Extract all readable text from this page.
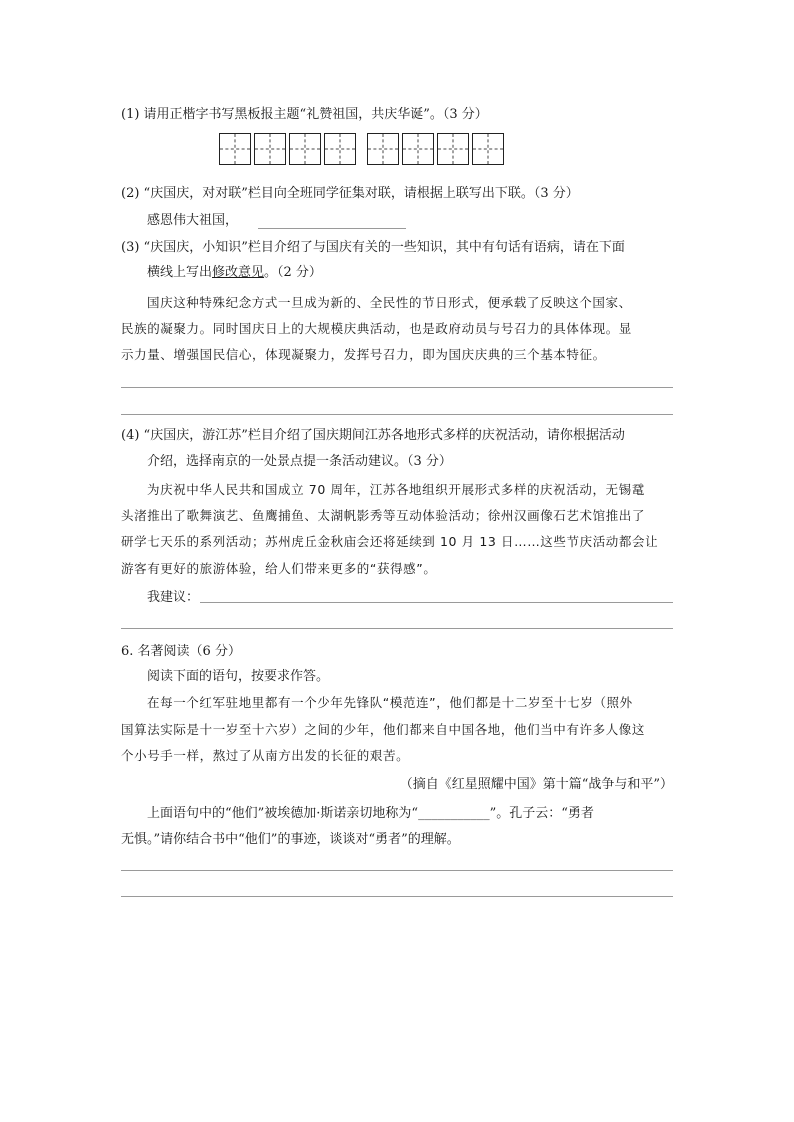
(1) 请用正楷字书写黑板报主题“礼赞祖国，共庆华诞”。（3 分）
(2) “庆国庆，对对联”栏目向全班同学征集对联，请根据上联写出下联。（3 分）
感恩伟大祖国，
(3) “庆国庆，小知识”栏目介绍了与国庆有关的一些知识，其中有句话有语病，请在下面
横线上写出修改意见。（2 分）
国庆这种特殊纪念方式一旦成为新的、全民性的节日形式，便承载了反映这个国家、
民族的凝聚力。同时国庆日上的大规模庆典活动，也是政府动员与号召力的具体体现。显
示力量、增强国民信心，体现凝聚力，发挥号召力，即为国庆庆典的三个基本特征。
(4) “庆国庆，游江苏”栏目介绍了国庆期间江苏各地形式多样的庆祝活动，请你根据活动
介绍，选择南京的一处景点提一条活动建议。（3 分）
为庆祝中华人民共和国成立 70 周年，江苏各地组织开展形式多样的庆祝活动，无锡鼋
头渚推出了歌舞演艺、鱼鹰捕鱼、太湖帆影秀等互动体验活动；徐州汉画像石艺术馆推出了
研学七天乐的系列活动；苏州虎丘金秋庙会还将延续到 10 月 13 日……这些节庆活动都会让
游客有更好的旅游体验，给人们带来更多的“获得感”。
我建议：
6. 名著阅读（6 分）
阅读下面的语句，按要求作答。
在每一个红军驻地里都有一个少年先锋队“模范连”，他们都是十二岁至十七岁（照外
国算法实际是十一岁至十六岁）之间的少年，他们都来自中国各地，他们当中有许多人像这
个小号手一样，熬过了从南方出发的长征的艰苦。
（摘自《红星照耀中国》第十篇“战争与和平”）
上面语句中的“他们”被埃德加·斯诺亲切地称为“___________”。孔子云：“勇者
无惧。”请你结合书中“他们”的事迹，谈谈对“勇者”的理解。
